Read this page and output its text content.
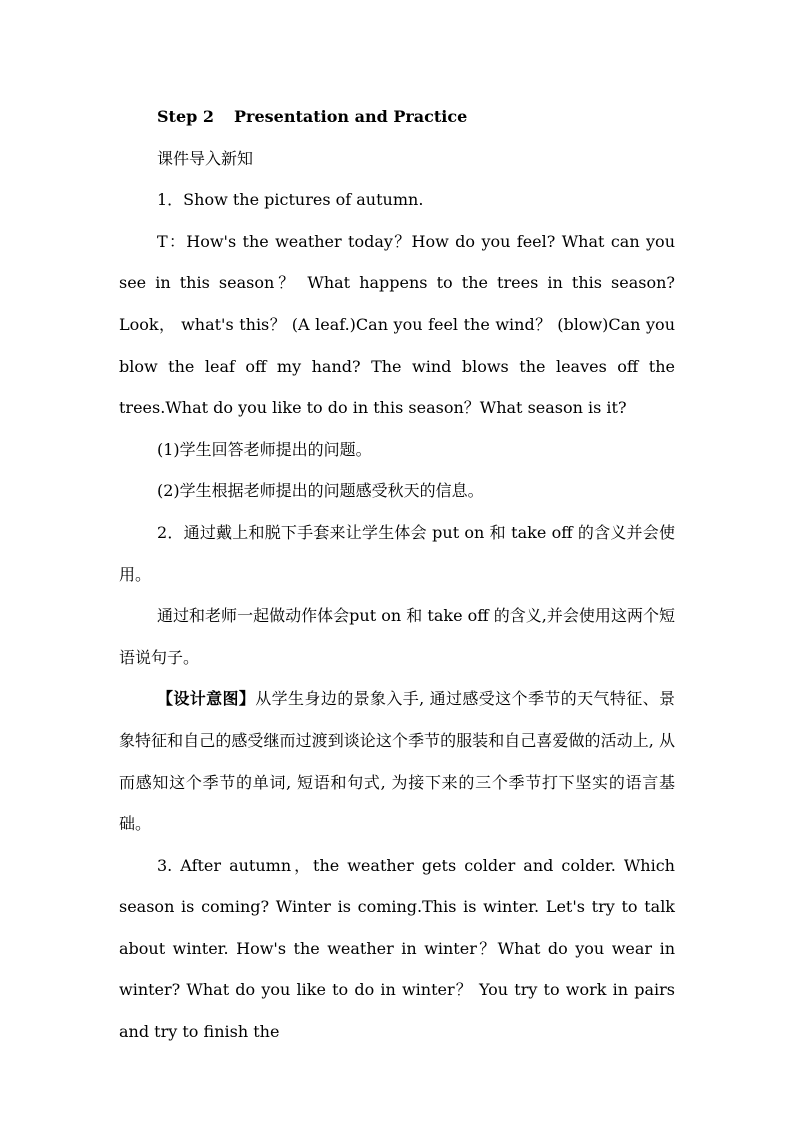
Step 2 Presentation and Practice

课件导入新知

1．Show the pictures of autumn.

T：How's the weather today？How do you feel? What can you see in this season？ What happens to the trees in this season? Look， what's this？ (A leaf.)Can you feel the wind？ (blow)Can you blow the leaf off my hand? The wind blows the leaves off the trees.What do you like to do in this season？What season is it?

(1)学生回答老师提出的问题。

(2)学生根据老师提出的问题感受秋天的信息。

2．通过戴上和脱下手套来让学生体会 put on 和 take off 的含义并会使用。

通过和老师一起做动作体会put on 和 take off 的含义,并会使用这两个短语说句子。

【设计意图】从学生身边的景象入手, 通过感受这个季节的天气特征、景象特征和自己的感受继而过渡到谈论这个季节的服装和自己喜爱做的活动上, 从而感知这个季节的单词, 短语和句式, 为接下来的三个季节打下坚实的语言基础。

3. After autumn，the weather gets colder and colder. Which season is coming? Winter is coming.This is winter. Let's try to talk about winter. How's the weather in winter？What do you wear in winter? What do you like to do in winter？ You try to work in pairs and try to finish the
